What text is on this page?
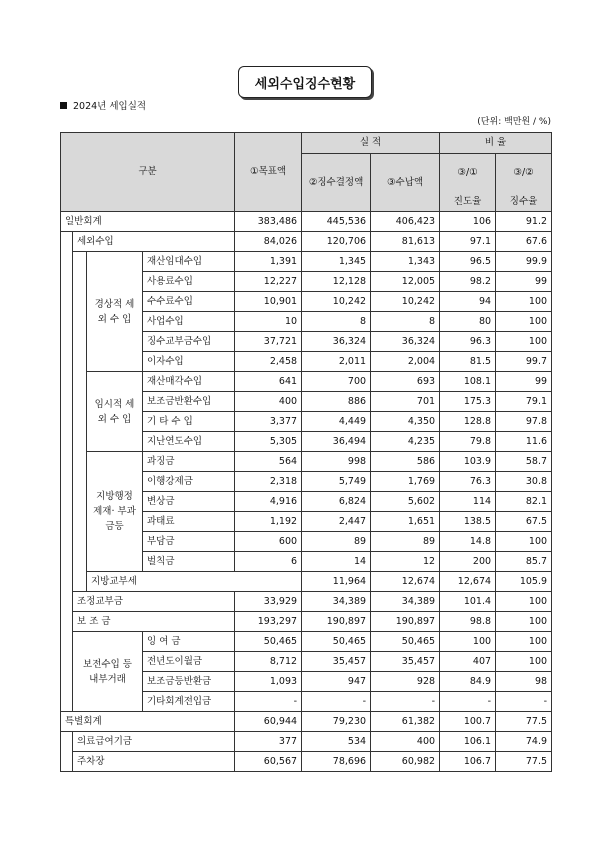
세외수입징수현황
2024년 세입실적
(단위: 백만원 / %)
구분				①목표액	실 적		비 율		
					②징수결정액	③수납액	③/①	③/②	
							진도율	징수율	
일반회계				383,486	445,536	406,423	106	91.2	
	세외수입			84,026	120,706	81,613	97.1	67.6	
		경상적 세 외 수 입	재산임대수입	1,391	1,345	1,343	96.5	99.9	
			사용료수입	12,227	12,128	12,005	98.2	99	
			수수료수입	10,901	10,242	10,242	94	100	
			사업수입	10	8	8	80	100	
			징수교부금수입	37,721	36,324	36,324	96.3	100	
			이자수입	2,458	2,011	2,004	81.5	99.7	
		임시적 세 외 수 입	재산매각수입	641	700	693	108.1	99	
			보조금반환수입	400	886	701	175.3	79.1	
			기 타 수 입	3,377	4,449	4,350	128.8	97.8	
			지난연도수입	5,305	36,494	4,235	79.8	11.6	
		지방행정 제재· 부과금등	과징금	564	998	586	103.9	58.7	
			이행강제금	2,318	5,749	1,769	76.3	30.8	
			변상금	4,916	6,824	5,602	114	82.1	
			과태료	1,192	2,447	1,651	138.5	67.5	
			부담금	600	89	89	14.8	100	
			벌칙금	6	14	12	200	85.7	
		지방교부세			11,964	12,674	12,674	105.9	
	조정교부금			33,929	34,389	34,389	101.4	100	
	보 조 금			193,297	190,897	190,897	98.8	100	
	보전수입 등 내부거래		잉 여 금	50,465	50,465	50,465	100	100	
			전년도이월금	8,712	35,457	35,457	407	100	
			보조금등반환금	1,093	947	928	84.9	98	
			기타회계전입금	-	-	-	-	-	
특별회계				60,944	79,230	61,382	100.7	77.5	
	의료급여기금			377	534	400	106.1	74.9	
	주차장			60,567	78,696	60,982	106.7	77.5	
